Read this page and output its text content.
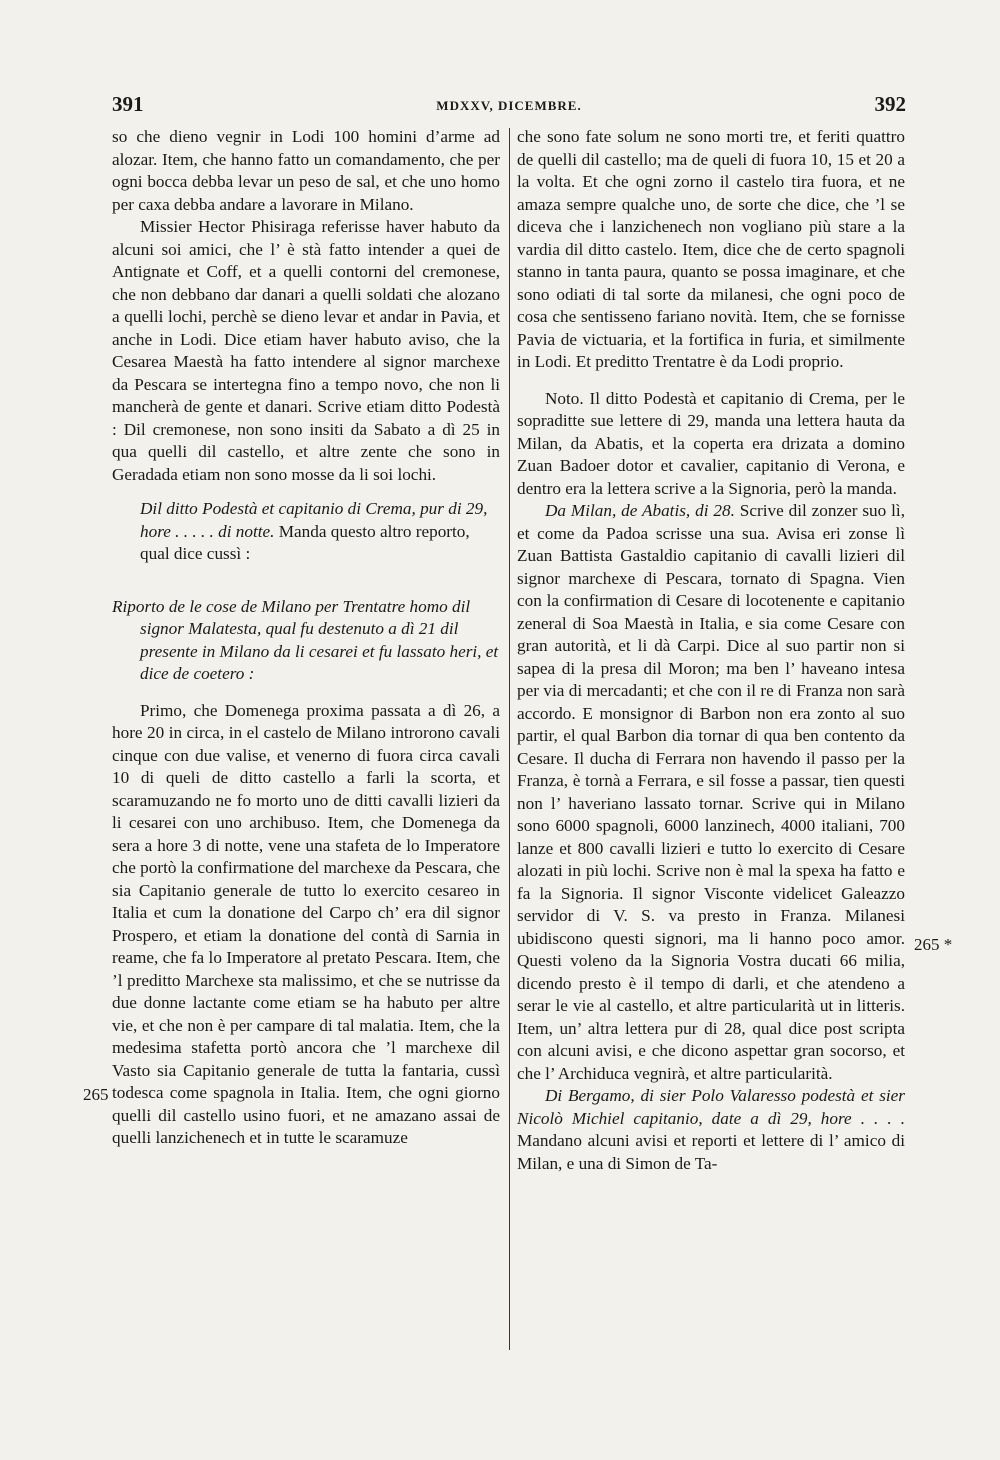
391	MDXXV, DICEMBRE.	392

so che dieno vegnir in Lodi 100 homini d’arme ad alozar. Item, che hanno fatto un comandamento, che per ogni bocca debba levar un peso de sal, et che uno homo per caxa debba andare a lavorare in Milano.

Missier Hector Phisiraga referisse haver habuto da alcuni soi amici, che l’ è stà fatto intender a quei de Antignate et Coff, et a quelli contorni del cremonese, che non debbano dar danari a quelli soldati che alozano a quelli lochi, perchè se dieno levar et andar in Pavia, et anche in Lodi. Dice etiam haver habuto aviso, che la Cesarea Maestà ha fatto intendere al signor marchexe da Pescara se intertegna fino a tempo novo, che non li mancherà de gente et danari. Scrive etiam ditto Podestà : Dil cremonese, non sono insiti da Sabato a dì 25 in qua quelli dil castello, et altre zente che sono in Geradada etiam non sono mosse da li soi lochi.

Dil ditto Podestà et capitanio di Crema, pur di 29, hore . . . . . di notte. Manda questo altro reporto, qual dice cussì :

Riporto de le cose de Milano per Trentatre homo dil signor Malatesta, qual fu destenuto a dì 21 dil presente in Milano da li cesarei et fu lassato heri, et dice de coetero :

Primo, che Domenega proxima passata a dì 26, a hore 20 in circa, in el castelo de Milano introrono cavali cinque con due valise, et venerno di fuora circa cavali 10 di queli de ditto castello a farli la scorta, et scaramuzando ne fo morto uno de ditti cavalli lizieri da li cesarei con uno archibuso. Item, che Domenega da sera a hore 3 di notte, vene una stafeta de lo Imperatore che portò la confirmatione del marchexe da Pescara, che sia Capitanio generale de tutto lo exercito cesareo in Italia et cum la donatione del Carpo ch’ era dil signor Prospero, et etiam la donatione del contà di Sarnia in reame, che fa lo Imperatore al pretato Pescara. Item, che ’l preditto Marchexe sta malissimo, et che se nutrisse da due donne lactante come etiam se ha habuto per altre vie, et che non è per campare di tal malatia. Item, che la medesima stafetta portò ancora che ’l marchexe dil Vasto sia Capitanio generale de tutta la fantaria, cussì todesca come spagnola in Italia. Item, che ogni giorno quelli dil castello usino fuori, et ne amazano assai de quelli lanzichenech et in tutte le scaramuze

che sono fate solum ne sono morti tre, et feriti quattro de quelli dil castello; ma de queli di fuora 10, 15 et 20 a la volta. Et che ogni zorno il castelo tira fuora, et ne amaza sempre qualche uno, de sorte che dice, che ’l se diceva che i lanzichenech non vogliano più stare a la vardia dil ditto castelo. Item, dice che de certo spagnoli stanno in tanta paura, quanto se possa imaginare, et che sono odiati di tal sorte da milanesi, che ogni poco de cosa che sentisseno fariano novità. Item, che se fornisse Pavia de victuaria, et la fortifica in furia, et similmente in Lodi. Et preditto Trentatre è da Lodi proprio.

Noto. Il ditto Podestà et capitanio di Crema, per le sopraditte sue lettere di 29, manda una lettera hauta da Milan, da Abatis, et la coperta era drizata a domino Zuan Badoer dotor et cavalier, capitanio di Verona, e dentro era la lettera scrive a la Signoria, però la manda.

Da Milan, de Abatis, di 28. Scrive dil zonzer suo lì, et come da Padoa scrisse una sua. Avisa eri zonse lì Zuan Battista Gastaldio capitanio di cavalli lizieri dil signor marchexe di Pescara, tornato di Spagna. Vien con la confirmation di Cesare di locotenente e capitanio zeneral di Soa Maestà in Italia, e sia come Cesare con gran autorità, et li dà Carpi. Dice al suo partir non si sapea di la presa dil Moron; ma ben l’ haveano intesa per via di mercadanti; et che con il re di Franza non sarà accordo. E monsignor di Barbon non era zonto al suo partir, el qual Barbon dia tornar di qua ben contento da Cesare. Il ducha di Ferrara non havendo il passo per la Franza, è tornà a Ferrara, e sil fosse a passar, tien questi non l’ haveriano lassato tornar. Scrive qui in Milano sono 6000 spagnoli, 6000 lanzinech, 4000 italiani, 700 lanze et 800 cavalli lizieri e tutto lo exercito di Cesare alozati in più lochi. Scrive non è mal la spexa ha fatto e fa la Signoria. Il signor Visconte videlicet Galeazzo servidor di V. S. va presto in Franza. Milanesi ubidiscono questi signori, ma li hanno poco amor. Questi voleno da la Signoria Vostra ducati 66 milia, dicendo presto è il tempo di darli, et che atendeno a serar le vie al castello, et altre particularità ut in litteris. Item, un’ altra lettera pur di 28, qual dice post scripta con alcuni avisi, e che dicono aspettar gran socorso, et che l’ Archiduca vegnirà, et altre particularità.

Di Bergamo, di sier Polo Valaresso podestà et sier Nicolò Michiel capitanio, date a dì 29, hore . . . . Mandano alcuni avisi et reporti et lettere di l’ amico di Milan, e una di Simon de Ta-

265
265 *
